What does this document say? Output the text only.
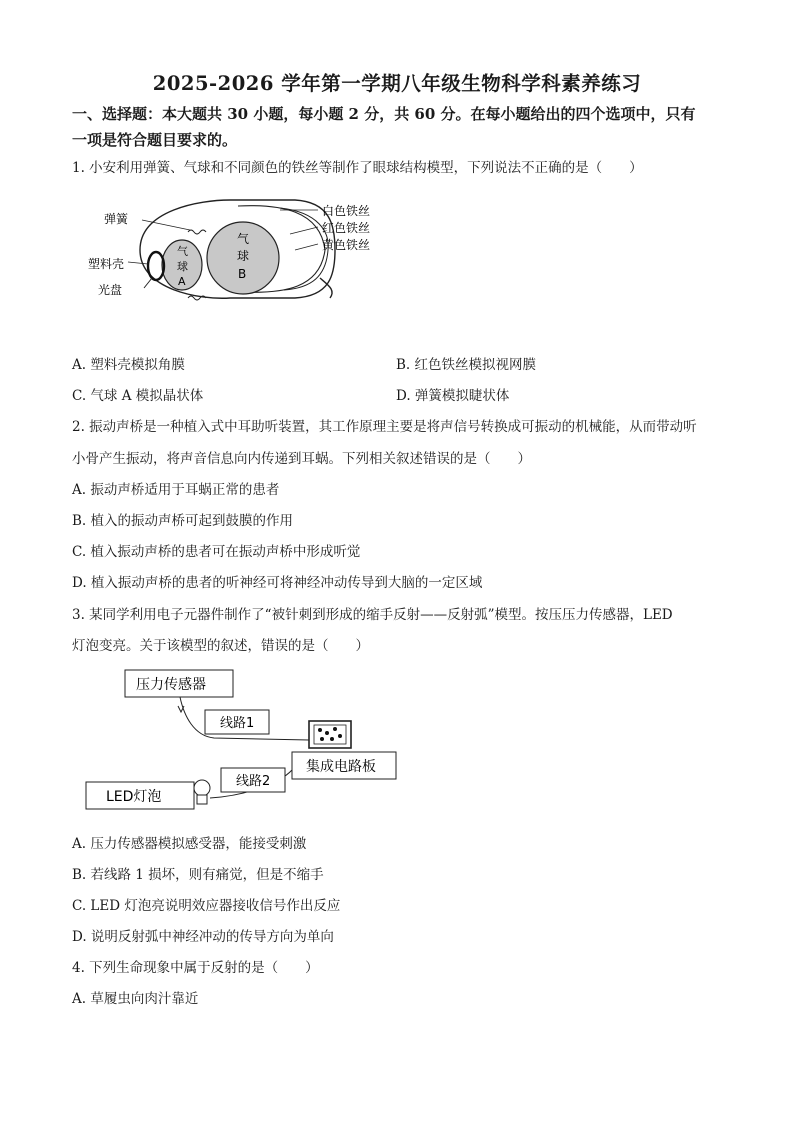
2025-2026 学年第一学期八年级生物科学科素养练习
一、选择题：本大题共 30 小题，每小题 2 分，共 60 分。在每小题给出的四个选项中，只有
一项是符合题目要求的。
1. 小安利用弹簧、气球和不同颜色的铁丝等制作了眼球结构模型，下列说法不正确的是（　　）
弹簧
塑料壳
光盘
白色铁丝
红色铁丝
黄色铁丝
气
球
A
气
球
B
A. 塑料壳模拟角膜	B. 红色铁丝模拟视网膜
C. 气球 A 模拟晶状体	D. 弹簧模拟睫状体
2. 振动声桥是一种植入式中耳助听装置，其工作原理主要是将声信号转换成可振动的机械能，从而带动听
小骨产生振动，将声音信息向内传递到耳蜗。下列相关叙述错误的是（　　）
A. 振动声桥适用于耳蜗正常的患者
B. 植入的振动声桥可起到鼓膜的作用
C. 植入振动声桥的患者可在振动声桥中形成听觉
D. 植入振动声桥的患者的听神经可将神经冲动传导到大脑的一定区域
3. 某同学利用电子元器件制作了“被针刺到形成的缩手反射——反射弧”模型。按压压力传感器，LED
灯泡变亮。关于该模型的叙述，错误的是（　　）
压力传感器
线路1
集成电路板
线路2
LED灯泡
A. 压力传感器模拟感受器，能接受刺激
B. 若线路 1 损坏，则有痛觉，但是不缩手
C. LED 灯泡亮说明效应器接收信号作出反应
D. 说明反射弧中神经冲动的传导方向为单向
4. 下列生命现象中属于反射的是（　　）
A. 草履虫向肉汁靠近
